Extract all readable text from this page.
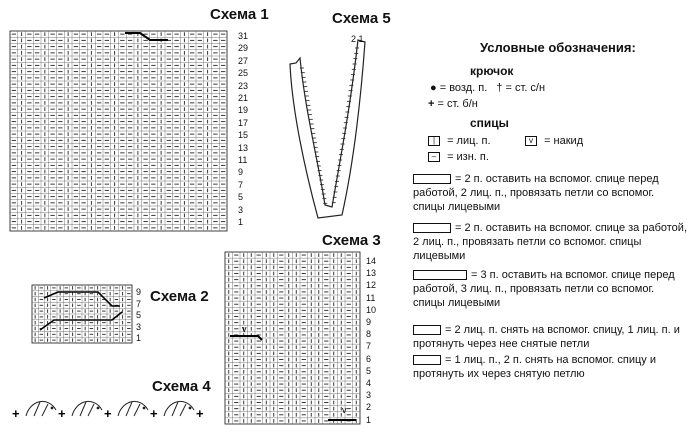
v
v
+	+	+	+	+
Схема 1	Схема 5
Схема 3
Схема 2
Схема 4
2 1
31
29
27
25
23
21
19
17
15
13
11
9
7
5
3
1
9
7
5
3
1
14
13
12
11
10
9
8
7
6
5
4
3
2
1
Условные обозначения:
крючок
● = возд. п. † = ст. с/н
+ = ст. б/н
спицы
| = лиц. п.	v = накид
– = изн. п.
= 2 п. оставить на вспомог. спице перед работой, 2 лиц. п., провязать петли со вспомог. спицы лицевыми
= 2 п. оставить на вспомог. спице за работой, 2 лиц. п., провязать петли со вспомог. спицы лицевыми
= 3 п. оставить на вспомог. спице перед работой, 3 лиц. п., провязать петли со вспомог. спицы лицевыми
= 2 лиц. п. снять на вспомог. спицу, 1 лиц. п. и протянуть через нее снятые петли
= 1 лиц. п., 2 п. снять на вспомог. спицу и протянуть их через снятую петлю
